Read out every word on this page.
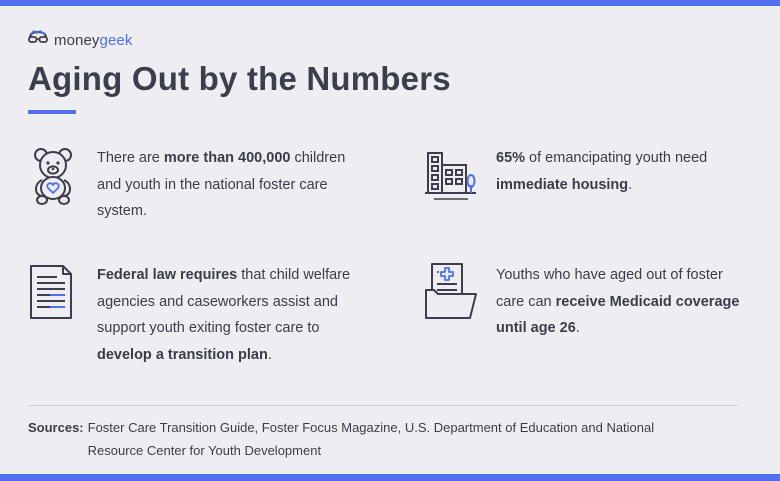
moneygeek
Aging Out by the Numbers
There are more than 400,000 children and youth in the national foster care system.
65% of emancipating youth need immediate housing.
Federal law requires that child welfare agencies and caseworkers assist and support youth exiting foster care to develop a transition plan.
Youths who have aged out of foster care can receive Medicaid coverage until age 26.
Sources: Foster Care Transition Guide, Foster Focus Magazine, U.S. Department of Education and National Resource Center for Youth Development
